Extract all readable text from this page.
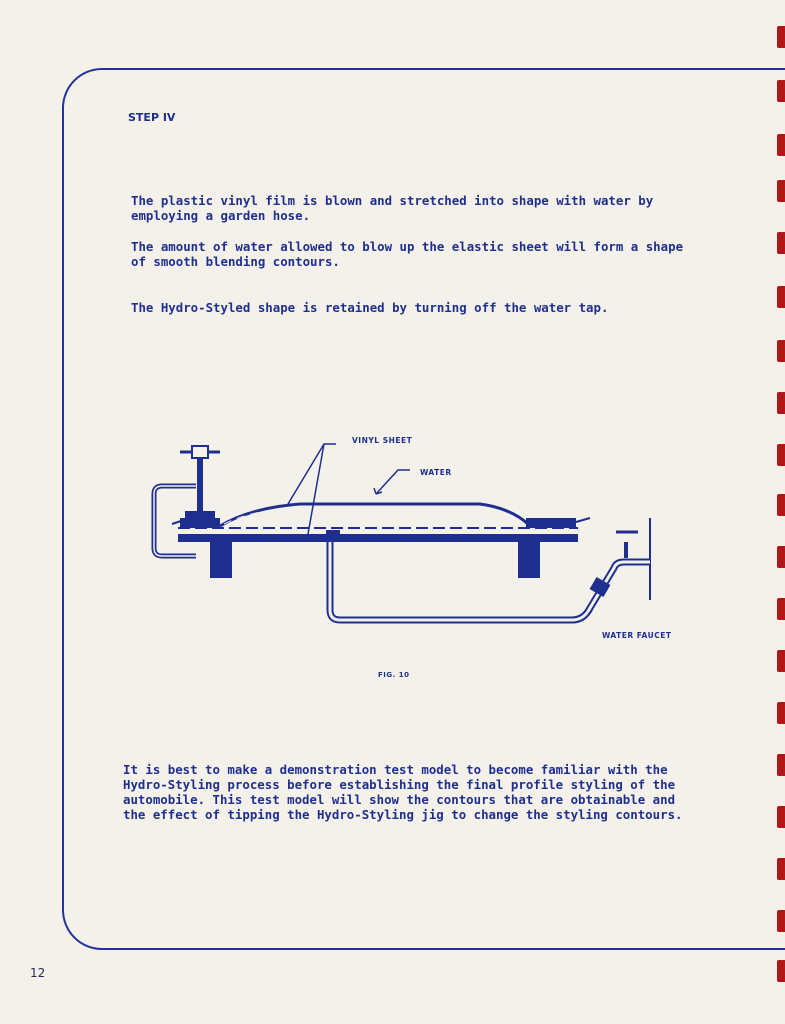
STEP IV

The plastic vinyl film is blown and stretched into shape with water by employing a garden hose.

The amount of water allowed to blow up the elastic sheet will form a shape of smooth blending contours.

The Hydro-Styled shape is retained by turning off the water tap.

VINYL SHEET
WATER
WATER FAUCET
FIG. 10

It is best to make a demonstration test model to become familiar with the Hydro-Styling process before establishing the final profile styling of the automobile. This test model will show the contours that are obtainable and the effect of tipping the Hydro-Styling jig to change the styling contours.

12
